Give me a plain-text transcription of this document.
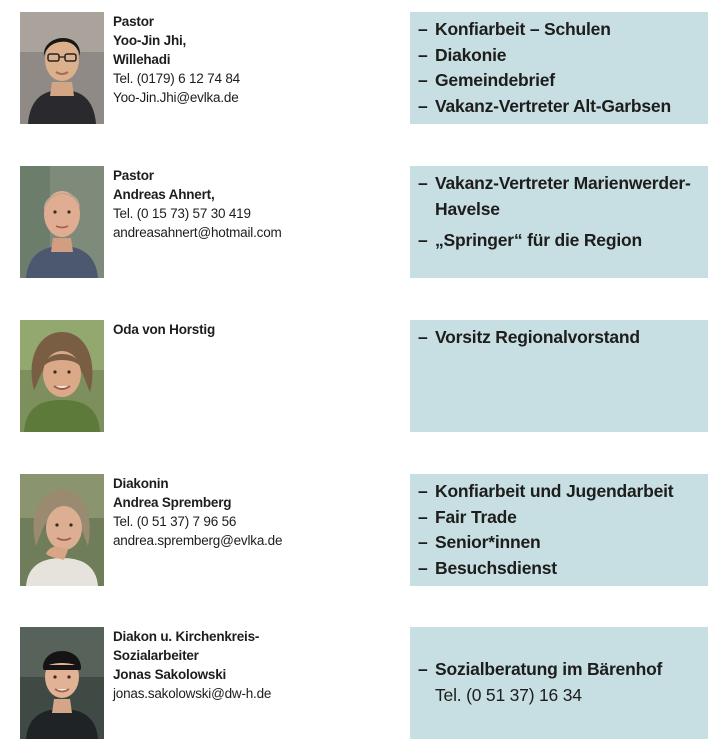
Pastor
Yoo-Jin Jhi,
Willehadi
Tel. (0179) 6 12 74 84
Yoo-Jin.Jhi@evlka.de
– Konfiarbeit – Schulen
– Diakonie
– Gemeindebrief
– Vakanz-Vertreter Alt-Garbsen
Pastor
Andreas Ahnert,
Tel. (0 15 73) 57 30 419
andreasahnert@hotmail.com
– Vakanz-Vertreter Marienwerder-Havelse
– „Springer“ für die Region
Oda von Horstig	– Vorsitz Regionalvorstand
Diakonin
Andrea Spremberg
Tel. (0 51 37) 7 96 56
andrea.spremberg@evlka.de
– Konfiarbeit und Jugendarbeit
– Fair Trade
– Senior*innen
– Besuchsdienst
Diakon u. Kirchenkreis-
Sozialarbeiter
Jonas Sakolowski
jonas.sakolowski@dw-h.de
– Sozialberatung im Bärenhof
Tel. (0 51 37) 16 34
